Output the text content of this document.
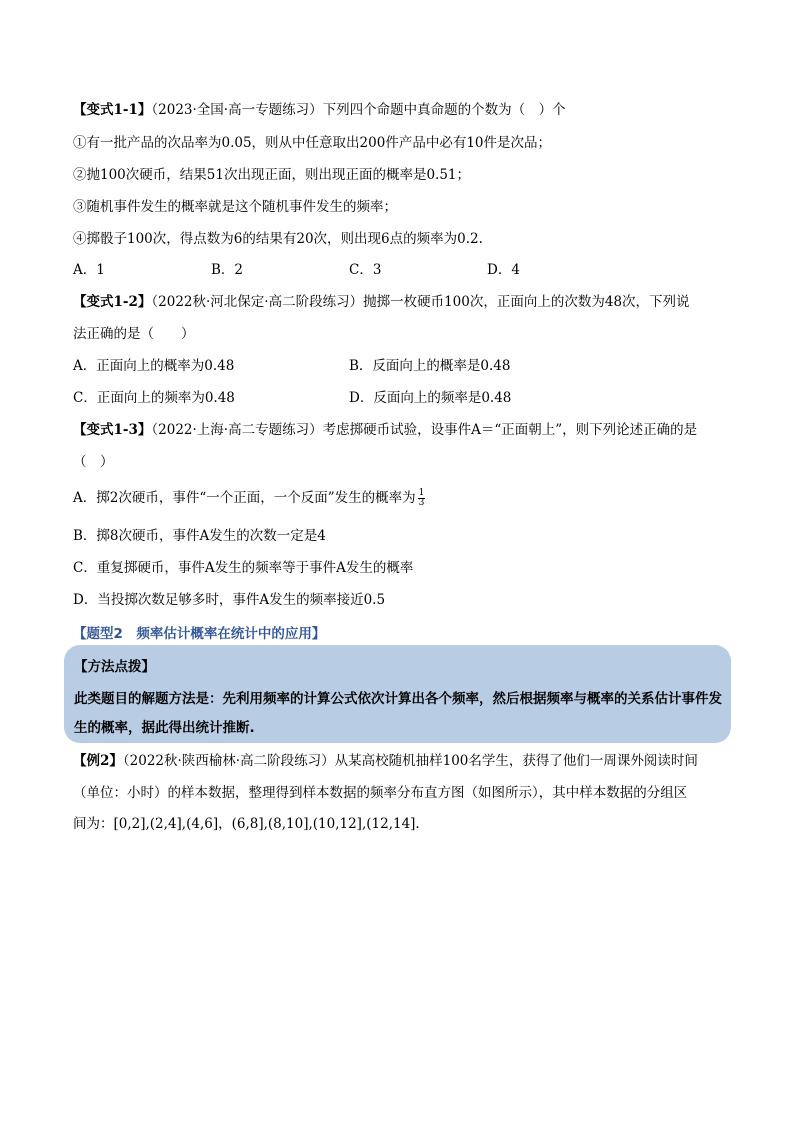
【变式1-1】（2023·全国·高一专题练习）下列四个命题中真命题的个数为（　）个
①有一批产品的次品率为0.05，则从中任意取出200件产品中必有10件是次品；
②抛100次硬币，结果51次出现正面，则出现正面的概率是0.51；
③随机事件发生的概率就是这个随机事件发生的频率；
④掷骰子100次，得点数为6的结果有20次，则出现6点的频率为0.2.
A．1	B．2	C．3	D．4
【变式1-2】（2022秋·河北保定·高二阶段练习）抛掷一枚硬币100次，正面向上的次数为48次，下列说
法正确的是（　　）
A．正面向上的概率为0.48	B．反面向上的概率是0.48
C．正面向上的频率为0.48	D．反面向上的频率是0.48
【变式1-3】（2022·上海·高二专题练习）考虑掷硬币试验，设事件A＝“正面朝上”，则下列论述正确的是
（　）
A．掷2次硬币，事件“一个正面，一个反面”发生的概率为 $\frac{1}{3}$
B．掷8次硬币，事件A发生的次数一定是4
C．重复掷硬币，事件A发生的频率等于事件A发生的概率
D．当投掷次数足够多时，事件A发生的频率接近0.5
【题型2　频率估计概率在统计中的应用】
【方法点拨】
此类题目的解题方法是：先利用频率的计算公式依次计算出各个频率，然后根据频率与概率的关系估计事件发生的概率，据此得出统计推断.
【例2】（2022秋·陕西榆林·高二阶段练习）从某高校随机抽样100名学生，获得了他们一周课外阅读时间
（单位：小时）的样本数据，整理得到样本数据的频率分布直方图（如图所示），其中样本数据的分组区
间为：[0,2],(2,4],(4,6]，(6,8],(8,10],(10,12],(12,14].
